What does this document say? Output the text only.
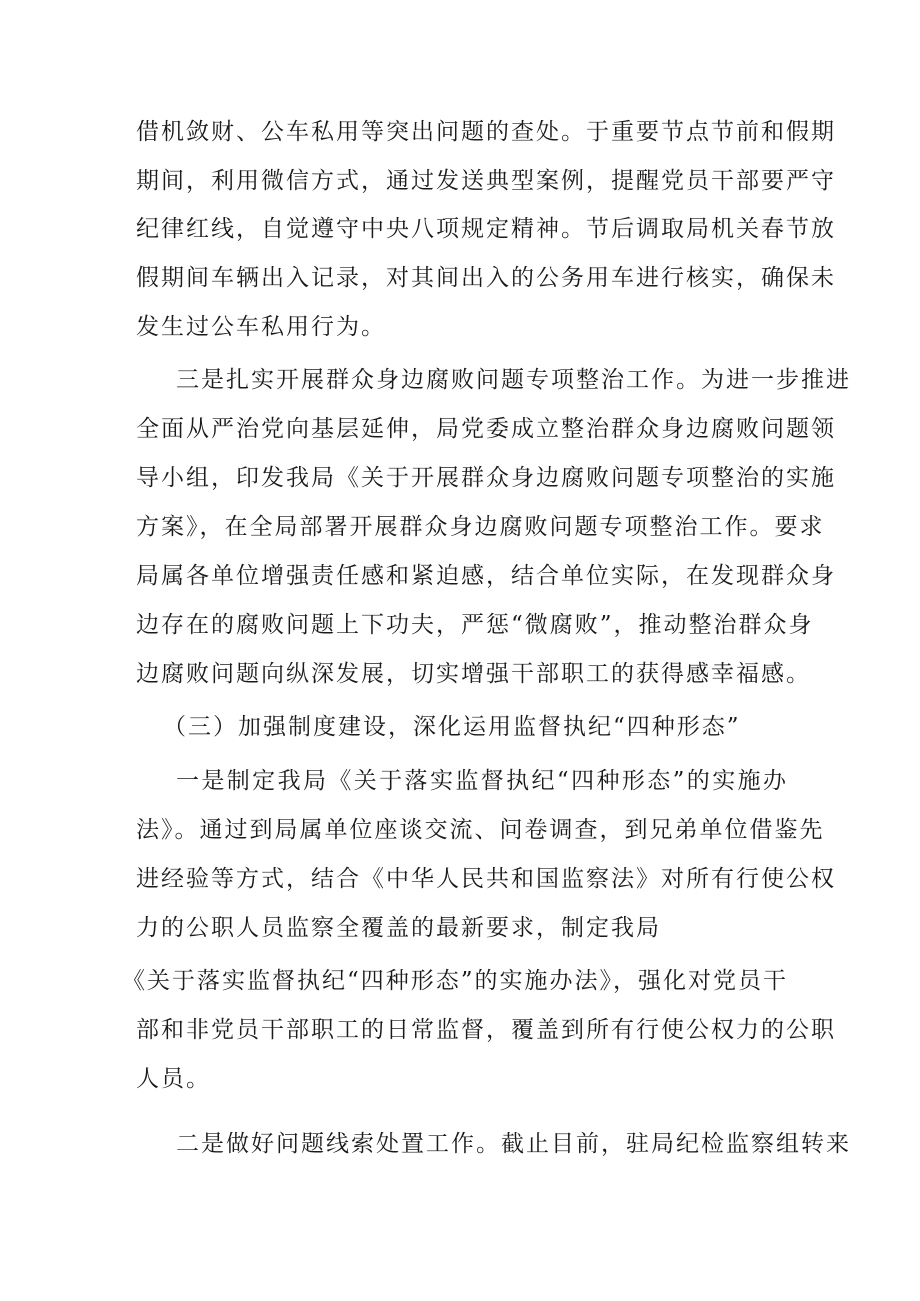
借机敛财、公车私用等突出问题的查处。于重要节点节前和假期
期间，利用微信方式，通过发送典型案例，提醒党员干部要严守
纪律红线，自觉遵守中央八项规定精神。节后调取局机关春节放
假期间车辆出入记录，对其间出入的公务用车进行核实，确保未
发生过公车私用行为。
三是扎实开展群众身边腐败问题专项整治工作。为进一步推进
全面从严治党向基层延伸，局党委成立整治群众身边腐败问题领
导小组，印发我局《关于开展群众身边腐败问题专项整治的实施
方案》，在全局部署开展群众身边腐败问题专项整治工作。要求
局属各单位增强责任感和紧迫感，结合单位实际，在发现群众身
边存在的腐败问题上下功夫，严惩“微腐败”，推动整治群众身
边腐败问题向纵深发展，切实增强干部职工的获得感幸福感。
（三）加强制度建设，深化运用监督执纪“四种形态”
一是制定我局《关于落实监督执纪“四种形态”的实施办
法》。通过到局属单位座谈交流、问卷调查，到兄弟单位借鉴先
进经验等方式，结合《中华人民共和国监察法》对所有行使公权
力的公职人员监察全覆盖的最新要求，制定我局
《关于落实监督执纪“四种形态”的实施办法》，强化对党员干
部和非党员干部职工的日常监督，覆盖到所有行使公权力的公职
人员。
二是做好问题线索处置工作。截止目前，驻局纪检监察组转来
